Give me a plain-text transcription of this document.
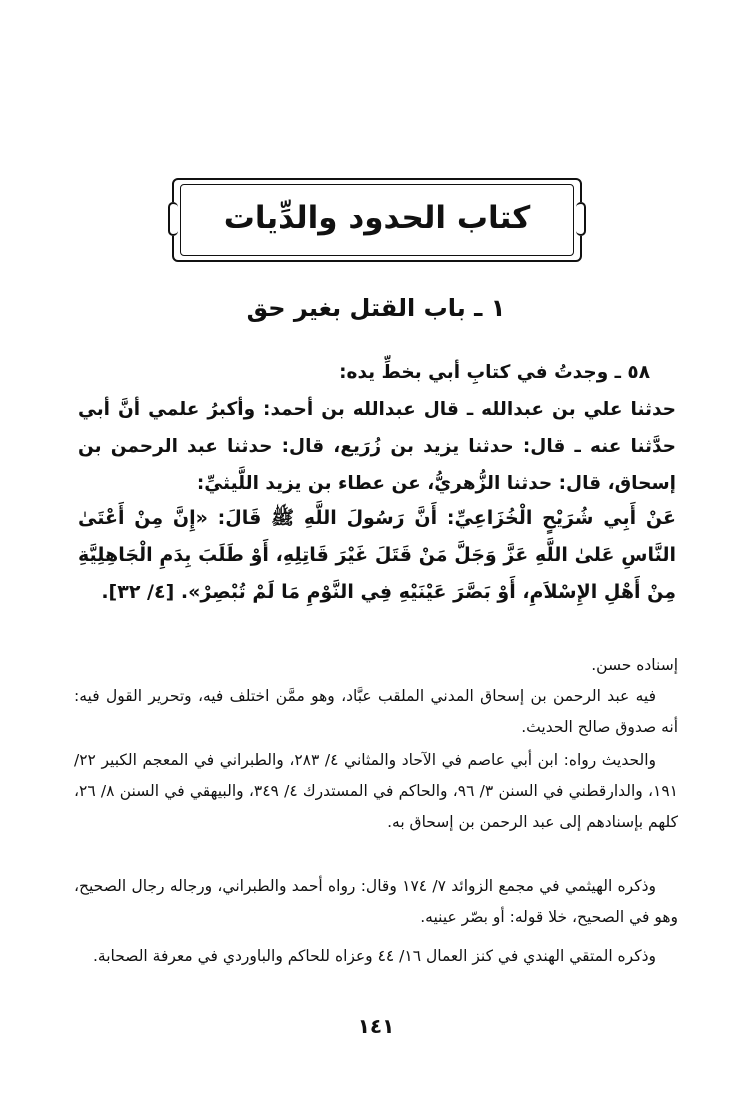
كتاب الحدود والدِّيات
١ ـ باب القتل بغير حق
٥٨ ـ وجدتُ في كتابِ أبي بخطِّ يده:
حدثنا علي بن عبدالله ـ قال عبدالله بن أحمد: وأكبرُ علمي أنَّ أبي حدَّثنا عنه ـ قال: حدثنا يزيد بن زُرَيع، قال: حدثنا عبد الرحمن بن إسحاق، قال: حدثنا الزُّهريُّ، عن عطاء بن يزيد اللَّيثيِّ:
عَنْ أَبِي شُرَيْحٍ الْخُزَاعِيِّ: أَنَّ رَسُولَ اللَّهِ ﷺ قَالَ: «إِنَّ مِنْ أَعْتَىٰ النَّاسِ عَلىٰ اللَّهِ عَزَّ وَجَلَّ مَنْ قَتَلَ غَيْرَ قَاتِلِهِ، أَوْ طَلَبَ بِدَمِ الْجَاهِلِيَّةِ مِنْ أَهْلِ الإِسْلاَمِ، أَوْ بَصَّرَ عَيْنَيْهِ فِي النَّوْمِ مَا لَمْ تُبْصِرْ». [٤/ ٣٢].

إسناده حسن.

فيه عبد الرحمن بن إسحاق المدني الملقب عبَّاد، وهو ممَّن اختلف فيه، وتحرير القول فيه: أنه صدوق صالح الحديث.

والحديث رواه: ابن أبي عاصم في الآحاد والمثاني ٤/ ٢٨٣، والطبراني في المعجم الكبير ٢٢/ ١٩١، والدارقطني في السنن ٣/ ٩٦، والحاكم في المستدرك ٤/ ٣٤٩، والبيهقي في السنن ٨/ ٢٦، كلهم بإسنادهم إلى عبد الرحمن بن إسحاق به.

وذكره الهيثمي في مجمع الزوائد ٧/ ١٧٤ وقال: رواه أحمد والطبراني، ورجاله رجال الصحيح، وهو في الصحيح، خلا قوله: أو بصّر عينيه.

وذكره المتقي الهندي في كنز العمال ١٦/ ٤٤ وعزاه للحاكم والباوردي في معرفة الصحابة.

١٤١
